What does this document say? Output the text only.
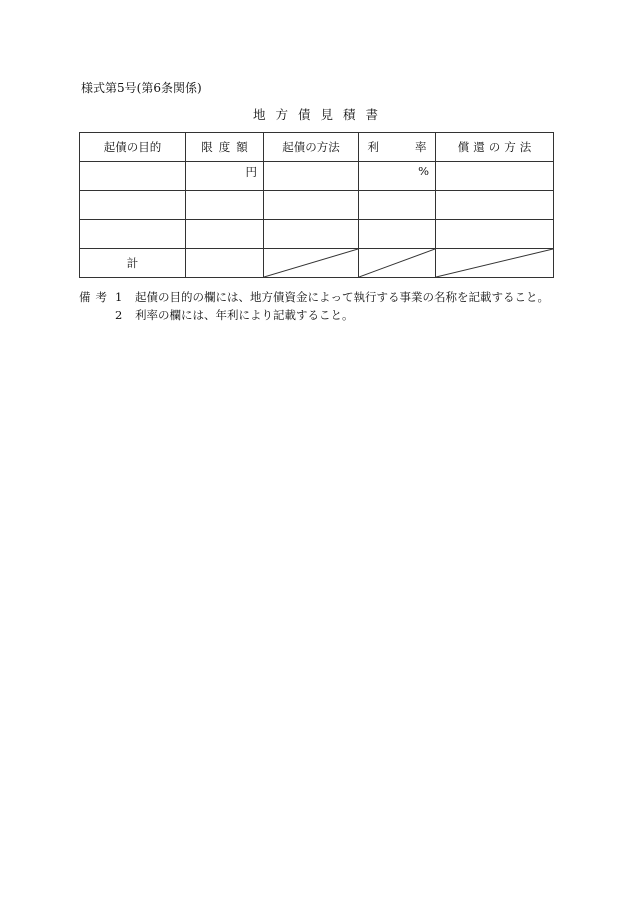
様式第5号(第6条関係)
地方債見積書
起債の目的	限度額	起債の方法	利 率	償還の方法

	円		%	

計		

備考 1	起債の目的の欄には、地方債資金によって執行する事業の名称を記載すること。
2	利率の欄には、年利により記載すること。
